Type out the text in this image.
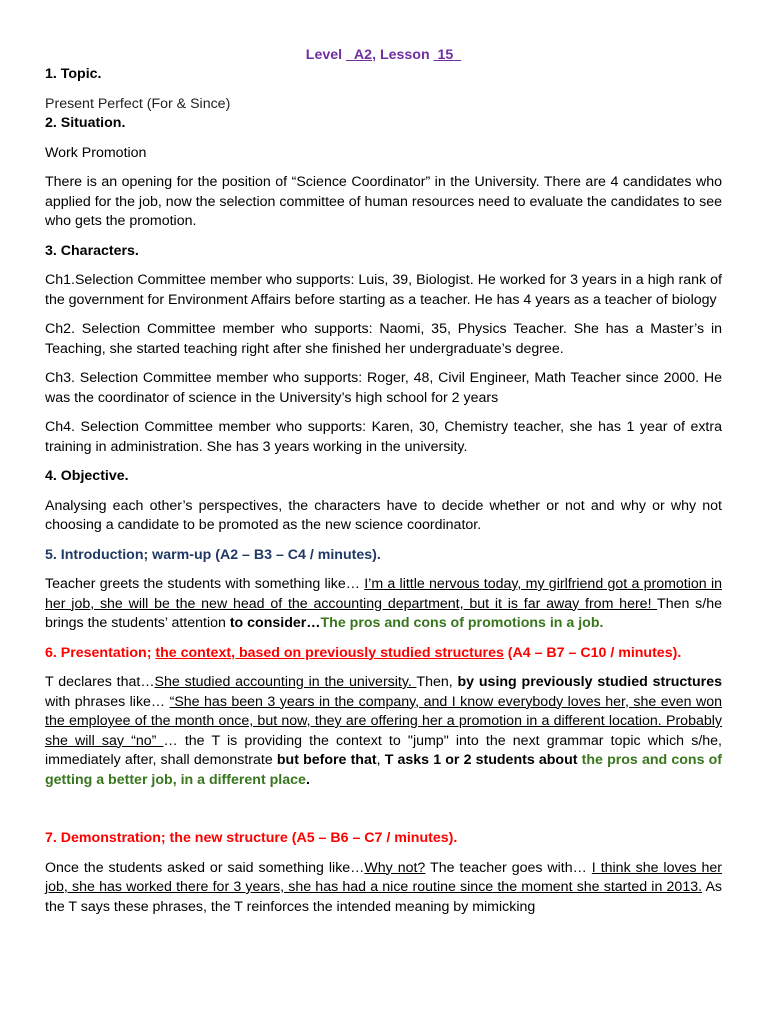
Level A2, Lesson 15
1. Topic.

Present Perfect (For & Since)

2. Situation.

Work Promotion

There is an opening for the position of “Science Coordinator” in the University. There are 4 candidates who applied for the job, now the selection committee of human resources need to evaluate the candidates to see who gets the promotion.

3. Characters.

Ch1.Selection Committee member who supports: Luis, 39, Biologist. He worked for 3 years in a high rank of the government for Environment Affairs before starting as a teacher. He has 4 years as a teacher of biology

Ch2. Selection Committee member who supports: Naomi, 35, Physics Teacher. She has a Master’s in Teaching, she started teaching right after she finished her undergraduate’s degree.

Ch3. Selection Committee member who supports: Roger, 48, Civil Engineer, Math Teacher since 2000. He was the coordinator of science in the University’s high school for 2 years

Ch4. Selection Committee member who supports: Karen, 30, Chemistry teacher, she has 1 year of extra training in administration. She has 3 years working in the university.

4. Objective.

Analysing each other’s perspectives, the characters have to decide whether or not and why or why not choosing a candidate to be promoted as the new science coordinator.

5. Introduction; warm-up (A2 – B3 – C4 / minutes).

Teacher greets the students with something like… I’m a little nervous today, my girlfriend got a promotion in her job, she will be the new head of the accounting department, but it is far away from here! Then s/he brings the students’ attention to consider…The pros and cons of promotions in a job.

6. Presentation; the context, based on previously studied structures (A4 – B7 – C10 / minutes).

T declares that…She studied accounting in the university. Then, by using previously studied structures with phrases like… “She has been 3 years in the company, and I know everybody loves her, she even won the employee of the month once, but now, they are offering her a promotion in a different location. Probably she will say “no” … the T is providing the context to "jump" into the next grammar topic which s/he, immediately after, shall demonstrate but before that, T asks 1 or 2 students about the pros and cons of getting a better job, in a different place.

7. Demonstration; the new structure (A5 – B6 – C7 / minutes).

Once the students asked or said something like…Why not? The teacher goes with… I think she loves her job, she has worked there for 3 years, she has had a nice routine since the moment she started in 2013. As the T says these phrases, the T reinforces the intended meaning by mimicking
